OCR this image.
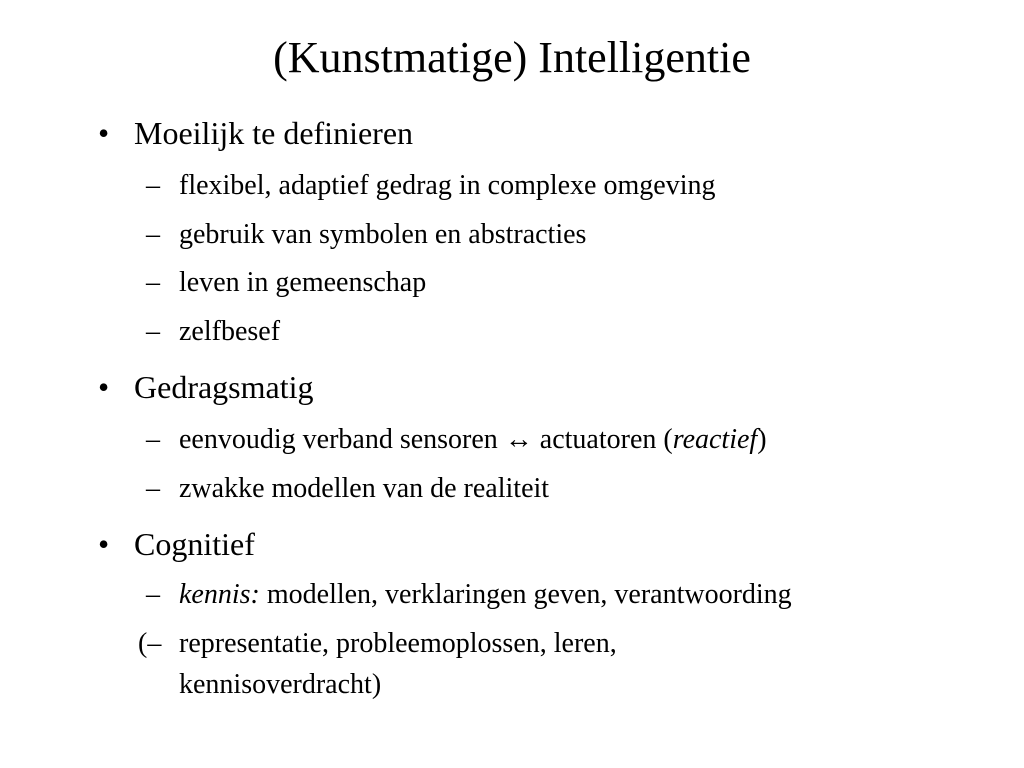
(Kunstmatige) Intelligentie
• Moeilijk te definieren
– flexibel, adaptief gedrag in complexe omgeving
– gebruik van symbolen en abstracties
– leven in gemeenschap
– zelfbesef
• Gedragsmatig
– eenvoudig verband sensoren ↔ actuatoren (reactief)
– zwakke modellen van de realiteit
• Cognitief
– kennis: modellen, verklaringen geven, verantwoording
(– representatie, probleemoplossen, leren,
kennisoverdracht)
